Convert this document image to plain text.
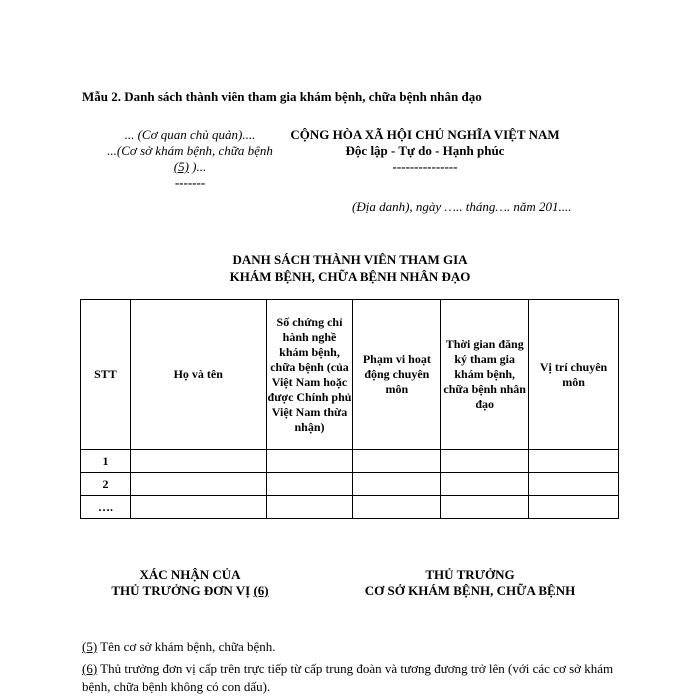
Mẫu 2. Danh sách thành viên tham gia khám bệnh, chữa bệnh nhân đạo
... (Cơ quan chủ quản)....
...(Cơ sở khám bệnh, chữa bệnh
(5) )...
-------
CỘNG HÒA XÃ HỘI CHỦ NGHĨA VIỆT NAM
Độc lập - Tự do - Hạnh phúc
---------------
(Địa danh), ngày ….. tháng…. năm 201....
DANH SÁCH THÀNH VIÊN THAM GIA
KHÁM BỆNH, CHỮA BỆNH NHÂN ĐẠO
STT	Họ và tên	Số chứng chỉ hành nghề khám bệnh, chữa bệnh (của Việt Nam hoặc được Chính phủ Việt Nam thừa nhận)	Phạm vi hoạt động chuyên môn	Thời gian đăng ký tham gia khám bệnh, chữa bệnh nhân đạo	Vị trí chuyên môn
1					
2					
….					
XÁC NHẬN CỦA
THỦ TRƯỞNG ĐƠN VỊ (6)
THỦ TRƯỞNG
CƠ SỞ KHÁM BỆNH, CHỮA BỆNH
(5) Tên cơ sở khám bệnh, chữa bệnh.
(6) Thủ trưởng đơn vị cấp trên trực tiếp từ cấp trung đoàn và tương đương trở lên (với các cơ sở khám bệnh, chữa bệnh không có con dấu).
